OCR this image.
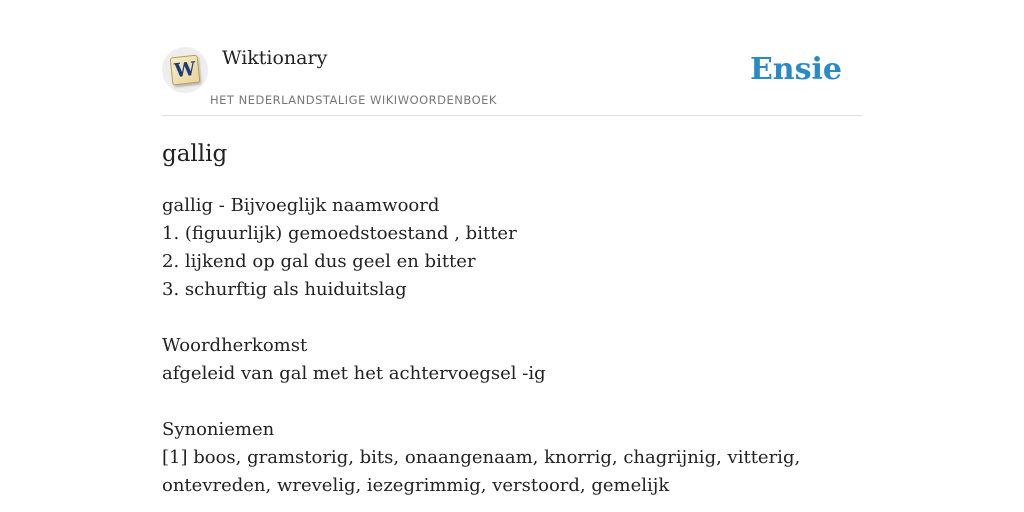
W Wiktionary
HET NEDERLANDSTALIGE WIKIWOORDENBOEK
Ensie
gallig

gallig - Bijvoeglijk naamwoord

1. (figuurlijk) gemoedstoestand , bitter

2. lijkend op gal dus geel en bitter

3. schurftig als huiduitslag

Woordherkomst

afgeleid van gal met het achtervoegsel -ig

Synoniemen

[1] boos, gramstorig, bits, onaangenaam, knorrig, chagrijnig, vitterig, ontevreden, wrevelig, iezegrimmig, verstoord, gemelijk
